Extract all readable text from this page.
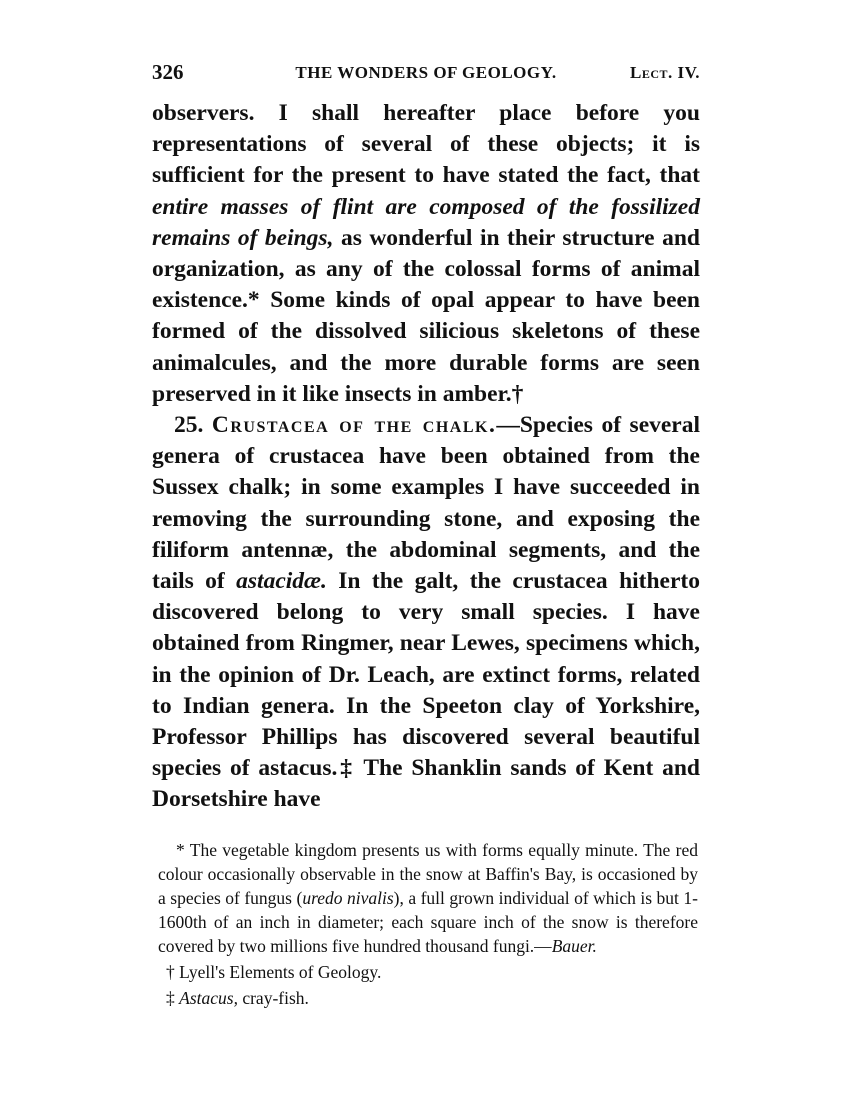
326	THE WONDERS OF GEOLOGY.	Lect. IV.

observers. I shall hereafter place before you representations of several of these objects; it is sufficient for the present to have stated the fact, that entire masses of flint are composed of the fossilized remains of beings, as wonderful in their structure and organization, as any of the colossal forms of animal existence.* Some kinds of opal appear to have been formed of the dissolved silicious skeletons of these animalcules, and the more durable forms are seen preserved in it like insects in amber.†

25. Crustacea of the chalk.—Species of several genera of crustacea have been obtained from the Sussex chalk; in some examples I have succeeded in removing the surrounding stone, and exposing the filiform antennæ, the abdominal segments, and the tails of astacidæ. In the galt, the crustacea hitherto discovered belong to very small species. I have obtained from Ringmer, near Lewes, specimens which, in the opinion of Dr. Leach, are extinct forms, related to Indian genera. In the Speeton clay of Yorkshire, Professor Phillips has discovered several beautiful species of astacus.‡ The Shanklin sands of Kent and Dorsetshire have

* The vegetable kingdom presents us with forms equally minute. The red colour occasionally observable in the snow at Baffin's Bay, is occasioned by a species of fungus (uredo nivalis), a full grown individual of which is but 1-1600th of an inch in diameter; each square inch of the snow is therefore covered by two millions five hundred thousand fungi.—Bauer.

† Lyell's Elements of Geology.

‡ Astacus, cray-fish.
